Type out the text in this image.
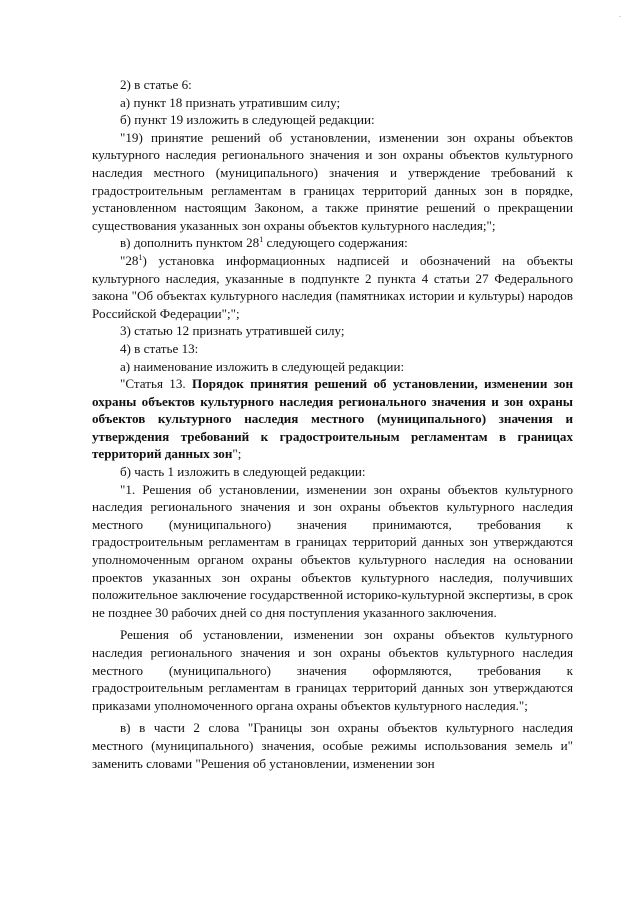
-

2) в статье 6:

а) пункт 18 признать утратившим силу;

б) пункт 19 изложить в следующей редакции:

"19) принятие решений об установлении, изменении зон охраны объектов культурного наследия регионального значения и зон охраны объектов культурного наследия местного (муниципального) значения и утверждение требований к градостроительным регламентам в границах территорий данных зон в порядке, установленном настоящим Законом, а также принятие решений о прекращении существования указанных зон охраны объектов культурного наследия;";

в) дополнить пунктом $28^1$ следующего содержания:

"$28^1$) установка информационных надписей и обозначений на объекты культурного наследия, указанные в подпункте 2 пункта 4 статьи 27 Федерального закона "Об объектах культурного наследия (памятниках истории и культуры) народов Российской Федерации";";

3) статью 12 признать утратившей силу;

4) в статье 13:

а) наименование изложить в следующей редакции:

"Статья 13. Порядок принятия решений об установлении, изменении зон охраны объектов культурного наследия регионального значения и зон охраны объектов культурного наследия местного (муниципального) значения и утверждения требований к градостроительным регламентам в границах территорий данных зон";

б) часть 1 изложить в следующей редакции:

"1. Решения об установлении, изменении зон охраны объектов культурного наследия регионального значения и зон охраны объектов культурного наследия местного (муниципального) значения принимаются, требования к градостроительным регламентам в границах территорий данных зон утверждаются уполномоченным органом охраны объектов культурного наследия на основании проектов указанных зон охраны объектов культурного наследия, получивших положительное заключение государственной историко-культурной экспертизы, в срок не позднее 30 рабочих дней со дня поступления указанного заключения.

Решения об установлении, изменении зон охраны объектов культурного наследия регионального значения и зон охраны объектов культурного наследия местного (муниципального) значения оформляются, требования к градостроительным регламентам в границах территорий данных зон утверждаются приказами уполномоченного органа охраны объектов культурного наследия.";

в) в части 2 слова "Границы зон охраны объектов культурного наследия местного (муниципального) значения, особые режимы использования земель и" заменить словами "Решения об установлении, изменении зон
